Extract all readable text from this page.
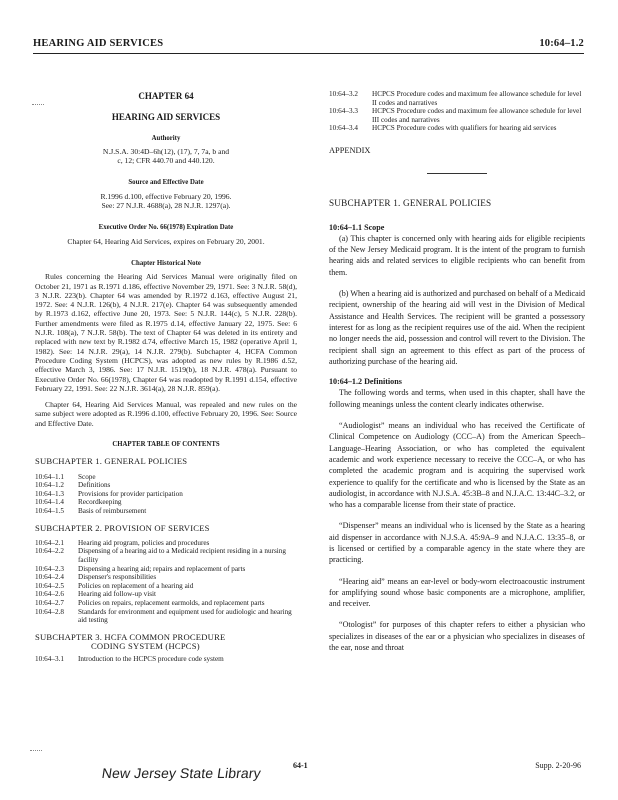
HEARING AID SERVICES	10:64–1.2
CHAPTER 64
HEARING AID SERVICES
Authority
N.J.S.A. 30:4D–6h(12), (17), 7, 7a, b and
c, 12; CFR 440.70 and 440.120.
Source and Effective Date
R.1996 d.100, effective February 20, 1996.
See: 27 N.J.R. 4688(a), 28 N.J.R. 1297(a).
Executive Order No. 66(1978) Expiration Date
Chapter 64, Hearing Aid Services, expires on February 20, 2001.
Chapter Historical Note

Rules concerning the Hearing Aid Services Manual were originally filed on October 21, 1971 as R.1971 d.186, effective November 29, 1971. See: 3 N.J.R. 58(d), 3 N.J.R. 223(b). Chapter 64 was amended by R.1972 d.163, effective August 21, 1972. See: 4 N.J.R. 126(b), 4 N.J.R. 217(e). Chapter 64 was subsequently amended by R.1973 d.162, effective June 20, 1973. See: 5 N.J.R. 144(c), 5 N.J.R. 228(b). Further amendments were filed as R.1975 d.14, effective January 22, 1975. See: 6 N.J.R. 108(a), 7 N.J.R. 58(b). The text of Chapter 64 was deleted in its entirety and replaced with new text by R.1982 d.74, effective March 15, 1982 (operative April 1, 1982). See: 14 N.J.R. 29(a), 14 N.J.R. 279(b). Subchapter 4, HCFA Common Procedure Coding System (HCPCS), was adopted as new rules by R.1986 d.52, effective March 3, 1986. See: 17 N.J.R. 1519(b), 18 N.J.R. 478(a). Pursuant to Executive Order No. 66(1978), Chapter 64 was readopted by R.1991 d.154, effective February 22, 1991. See: 22 N.J.R. 3614(a), 28 N.J.R. 859(a).

Chapter 64, Hearing Aid Services Manual, was repealed and new rules on the same subject were adopted as R.1996 d.100, effective February 20, 1996. See: Source and Effective Date.

CHAPTER TABLE OF CONTENTS
SUBCHAPTER 1. GENERAL POLICIES
10:64–1.1	Scope
10:64–1.2	Definitions
10:64–1.3	Provisions for provider participation
10:64–1.4	Recordkeeping
10:64–1.5	Basis of reimbursement
SUBCHAPTER 2. PROVISION OF SERVICES
10:64–2.1	Hearing aid program, policies and procedures
10:64–2.2	Dispensing of a hearing aid to a Medicaid recipient residing in a nursing facility
10:64–2.3	Dispensing a hearing aid; repairs and replacement of parts
10:64–2.4	Dispenser's responsibilities
10:64–2.5	Policies on replacement of a hearing aid
10:64–2.6	Hearing aid follow-up visit
10:64–2.7	Policies on repairs, replacement earmolds, and replacement parts
10:64–2.8	Standards for environment and equipment used for audiologic and hearing aid testing
SUBCHAPTER 3. HCFA COMMON PROCEDURE
CODING SYSTEM (HCPCS)
10:64–3.1	Introduction to the HCPCS procedure code system
10:64–3.2	HCPCS Procedure codes and maximum fee allowance schedule for level II codes and narratives
10:64–3.3	HCPCS Procedure codes and maximum fee allowance schedule for level III codes and narratives
10:64–3.4	HCPCS Procedure codes with qualifiers for hearing aid services
APPENDIX
SUBCHAPTER 1. GENERAL POLICIES
10:64–1.1 Scope

(a) This chapter is concerned only with hearing aids for eligible recipients of the New Jersey Medicaid program. It is the intent of the program to furnish hearing aids and related services to eligible recipients who can benefit from them.

(b) When a hearing aid is authorized and purchased on behalf of a Medicaid recipient, ownership of the hearing aid will vest in the Division of Medical Assistance and Health Services. The recipient will be granted a possessory interest for as long as the recipient requires use of the aid. When the recipient no longer needs the aid, possession and control will revert to the Division. The recipient shall sign an agreement to this effect as part of the process of authorizing purchase of the hearing aid.

10:64–1.2 Definitions

The following words and terms, when used in this chapter, shall have the following meanings unless the content clearly indicates otherwise.

“Audiologist” means an individual who has received the Certificate of Clinical Competence on Audiology (CCC–A) from the American Speech–Language–Hearing Association, or who has completed the equivalent academic and work experience necessary to receive the CCC–A, or who has completed the academic program and is acquiring the supervised work experience to qualify for the certificate and who is licensed by the State as an audiologist, in accordance with N.J.S.A. 45:3B–8 and N.J.A.C. 13:44C–3.2, or who has a comparable license from their state of practice.

“Dispenser” means an individual who is licensed by the State as a hearing aid dispenser in accordance with N.J.S.A. 45:9A–9 and N.J.A.C. 13:35–8, or is licensed or certified by a comparable agency in the state where they are practicing.

“Hearing aid” means an ear-level or body-worn electroacoustic instrument for amplifying sound whose basic components are a microphone, amplifier, and receiver.

“Otologist” for purposes of this chapter refers to either a physician who specializes in diseases of the ear or a physician who specializes in diseases of the ear, nose and throat

64-1	Supp. 2-20-96
New Jersey State Library
